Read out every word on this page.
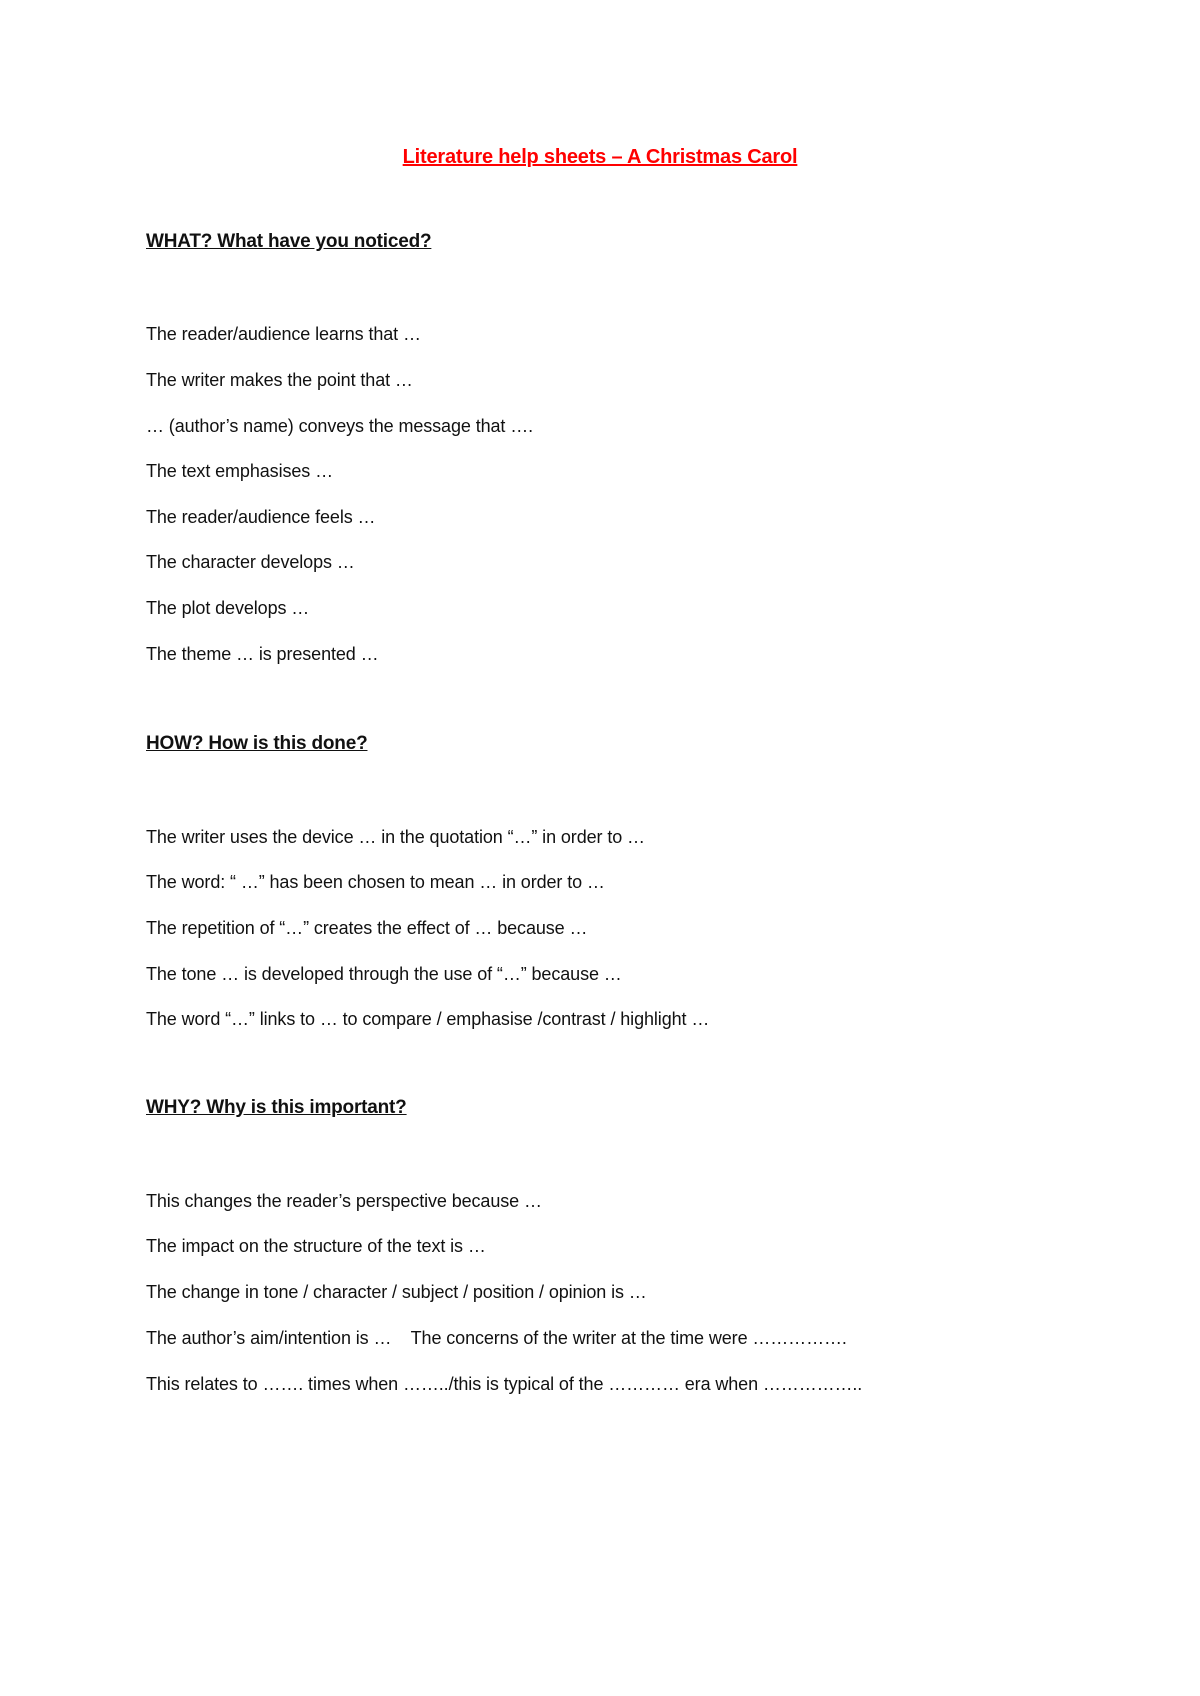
Literature help sheets – A Christmas Carol
WHAT? What have you noticed?
The reader/audience learns that …
The writer makes the point that …
… (author’s name) conveys the message that ….
The text emphasises …
The reader/audience feels …
The character develops …
The plot develops …
The theme … is presented …
HOW? How is this done?
The writer uses the device … in the quotation “…” in order to …
The word: “ …” has been chosen to mean … in order to …
The repetition of “…” creates the effect of … because …
The tone … is developed through the use of “…” because …
The word “…” links to … to compare / emphasise /contrast / highlight …
WHY? Why is this important?
This changes the reader’s perspective because …
The impact on the structure of the text is …
The change in tone / character / subject / position / opinion is …
The author’s aim/intention is …    The concerns of the writer at the time were …………….
This relates to ……. times when ……../this is typical of the ………… era when ……………..
